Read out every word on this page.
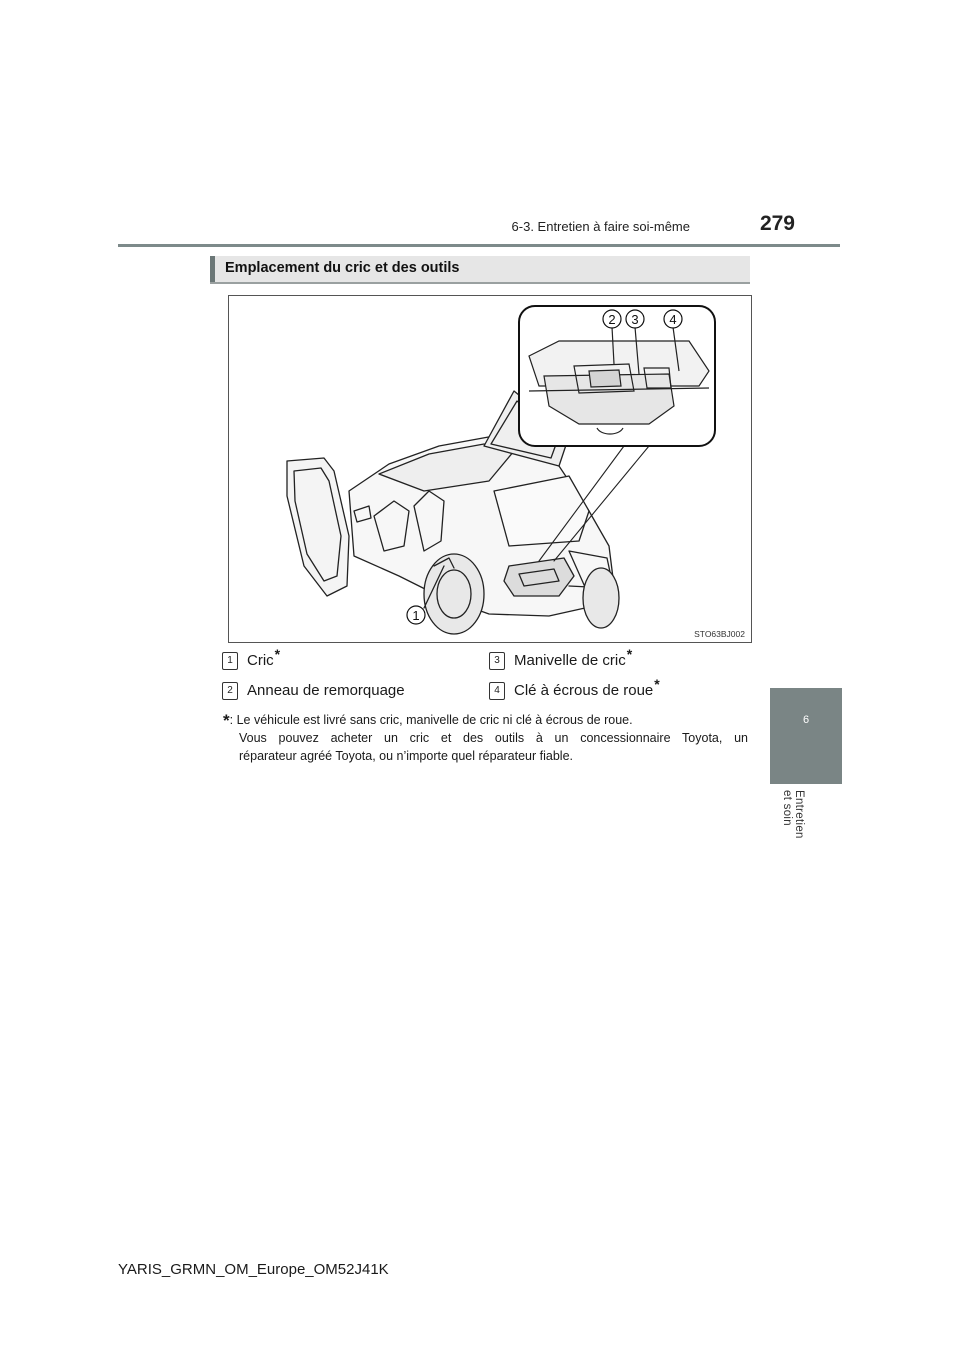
6-3. Entretien à faire soi-même	279
6
Entretien et soin
Emplacement du cric et des outils
2 3 4
1
STO63BJ002
1 Cric*
2 Anneau de remorquage
3 Manivelle de cric*
4 Clé à écrous de roue*
*: Le véhicule est livré sans cric, manivelle de cric ni clé à écrous de roue.
Vous pouvez acheter un cric et des outils à un concessionnaire Toyota, un
réparateur agréé Toyota, ou n’importe quel réparateur fiable.
YARIS_GRMN_OM_Europe_OM52J41K
